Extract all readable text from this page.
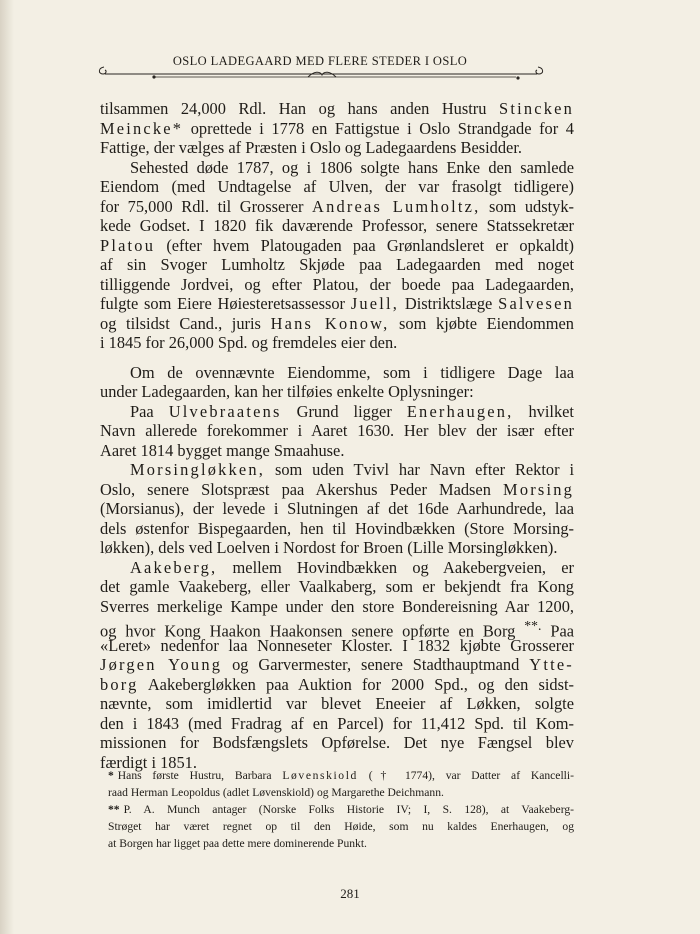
OSLO LADEGAARD MED FLERE STEDER I OSLO
tilsammen 24,000 Rdl. Han og hans anden Hustru Stincken
Meincke* oprettede i 1778 en Fattigstue i Oslo Strandgade for 4
Fattige, der vælges af Præsten i Oslo og Ladegaardens Besidder.
Sehested døde 1787, og i 1806 solgte hans Enke den samlede
Eiendom (med Undtagelse af Ulven, der var frasolgt tidligere)
for 75,000 Rdl. til Grosserer Andreas Lumholtz, som udstyk-
kede Godset. I 1820 fik daværende Professor, senere Statssekretær
Platou (efter hvem Platougaden paa Grønlandsleret er opkaldt)
af sin Svoger Lumholtz Skjøde paa Ladegaarden med noget
tilliggende Jordvei, og efter Platou, der boede paa Ladegaarden,
fulgte som Eiere Høiesteretsassessor Juell, Distriktslæge Salvesen
og tilsidst Cand., juris Hans Konow, som kjøbte Eiendommen
i 1845 for 26,000 Spd. og fremdeles eier den.
Om de ovennævnte Eiendomme, som i tidligere Dage laa
under Ladegaarden, kan her tilføies enkelte Oplysninger:
Paa Ulvebraatens Grund ligger Enerhaugen, hvilket
Navn allerede forekommer i Aaret 1630. Her blev der især efter
Aaret 1814 bygget mange Smaahuse.
Morsingløkken, som uden Tvivl har Navn efter Rektor i
Oslo, senere Slotspræst paa Akershus Peder Madsen Morsing
(Morsianus), der levede i Slutningen af det 16de Aarhundrede, laa
dels østenfor Bispegaarden, hen til Hovindbækken (Store Morsing-
løkken), dels ved Loelven i Nordost for Broen (Lille Morsingløkken).
Aakeberg, mellem Hovindbækken og Aakebergveien, er
det gamle Vaakeberg, eller Vaalkaberg, som er bekjendt fra Kong
Sverres merkelige Kampe under den store Bondereisning Aar 1200,
og hvor Kong Haakon Haakonsen senere opførte en Borg **. Paa
«Leret» nedenfor laa Nonneseter Kloster. I 1832 kjøbte Grosserer
Jørgen Young og Garvermester, senere Stadthauptmand Ytte-
borg Aakebergløkken paa Auktion for 2000 Spd., og den sidst-
nævnte, som imidlertid var blevet Eneeier af Løkken, solgte
den i 1843 (med Fradrag af en Parcel) for 11,412 Spd. til Kom-
missionen for Bodsfængslets Opførelse. Det nye Fængsel blev
færdigt i 1851.
* Hans første Hustru, Barbara Løvenskiold († 1774), var Datter af Kancelli-
raad Herman Leopoldus (adlet Løvenskiold) og Margarethe Deichmann.
** P. A. Munch antager (Norske Folks Historie IV; I, S. 128), at Vaakeberg-
Strøget har været regnet op til den Høide, som nu kaldes Enerhaugen, og
at Borgen har ligget paa dette mere dominerende Punkt.
281
